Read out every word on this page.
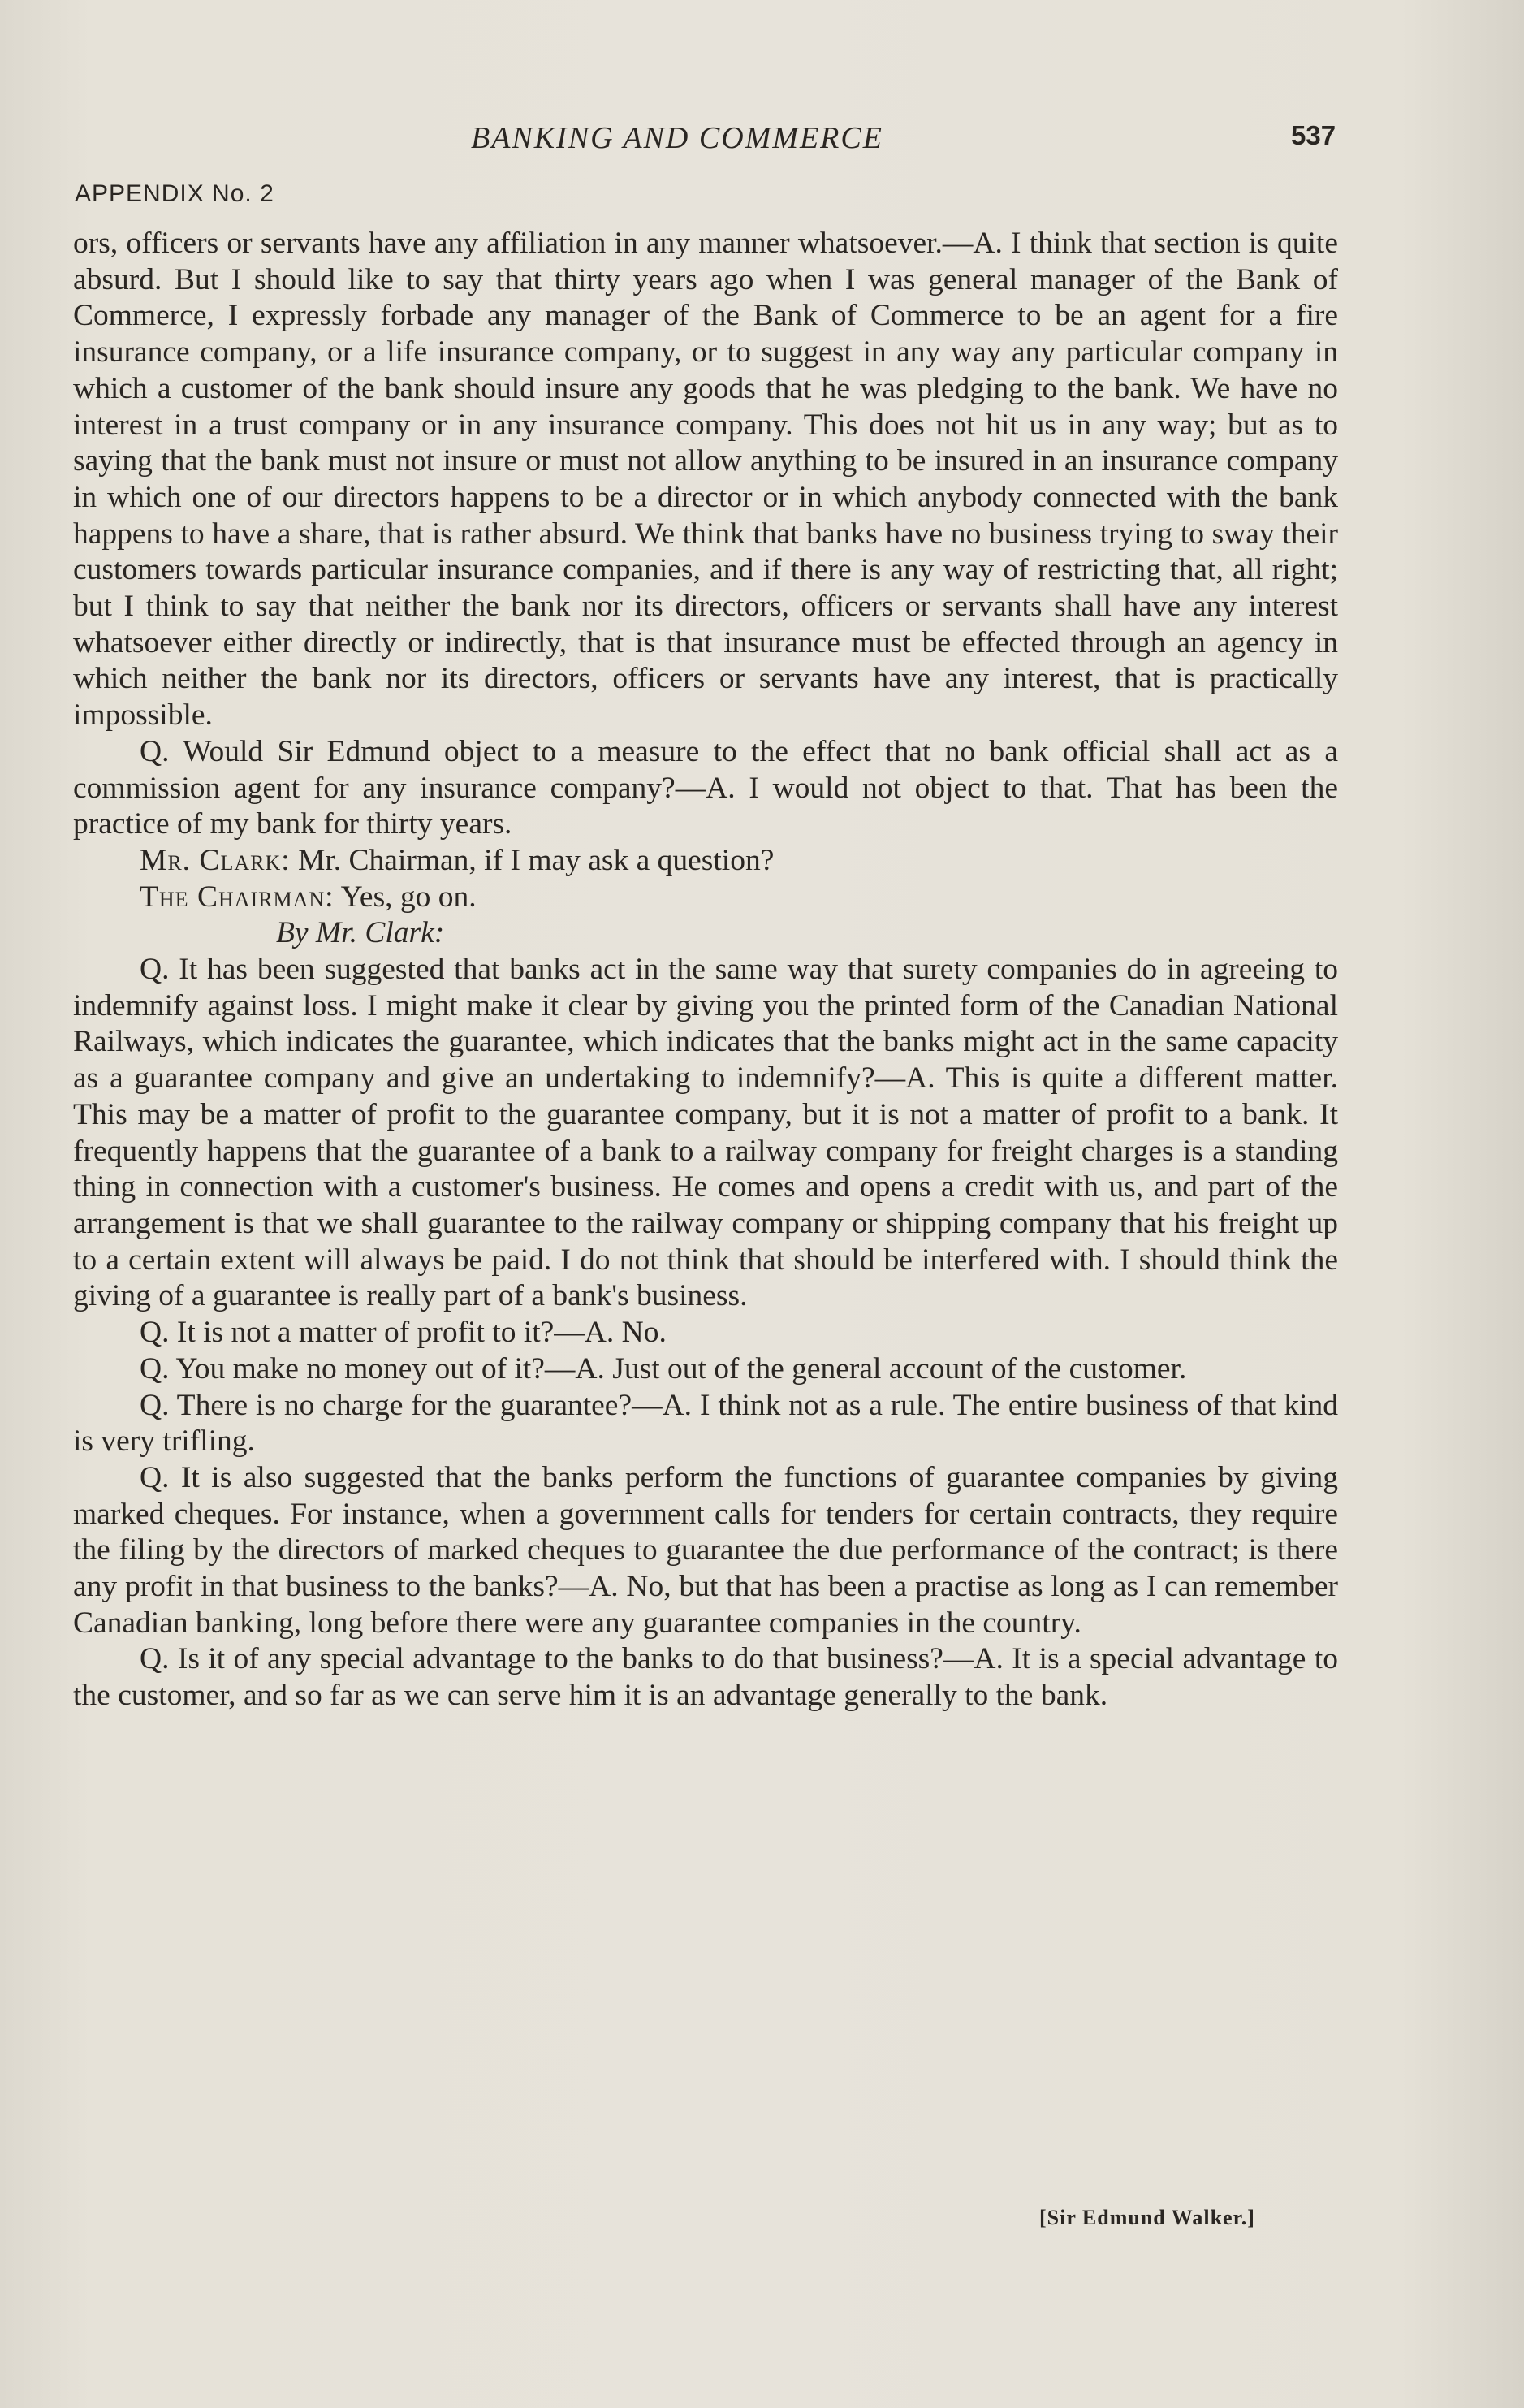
BANKING AND COMMERCE	537
APPENDIX No. 2

ors, officers or servants have any affiliation in any manner whatsoever.—A. I think that section is quite absurd. But I should like to say that thirty years ago when I was general manager of the Bank of Commerce, I expressly forbade any manager of the Bank of Commerce to be an agent for a fire insurance company, or a life insurance company, or to suggest in any way any particular company in which a customer of the bank should insure any goods that he was pledging to the bank. We have no interest in a trust company or in any insurance company. This does not hit us in any way; but as to saying that the bank must not insure or must not allow anything to be insured in an insurance company in which one of our directors happens to be a director or in which anybody connected with the bank happens to have a share, that is rather absurd. We think that banks have no business trying to sway their customers towards particular insurance companies, and if there is any way of restricting that, all right; but I think to say that neither the bank nor its directors, officers or servants shall have any interest whatsoever either directly or indirectly, that is that insurance must be effected through an agency in which neither the bank nor its directors, officers or servants have any interest, that is practically impossible.

Q. Would Sir Edmund object to a measure to the effect that no bank official shall act as a commission agent for any insurance company?—A. I would not object to that. That has been the practice of my bank for thirty years.

Mr. Clark: Mr. Chairman, if I may ask a question?

The Chairman: Yes, go on.

By Mr. Clark:

Q. It has been suggested that banks act in the same way that surety companies do in agreeing to indemnify against loss. I might make it clear by giving you the printed form of the Canadian National Railways, which indicates the guarantee, which indicates that the banks might act in the same capacity as a guarantee company and give an undertaking to indemnify?—A. This is quite a different matter. This may be a matter of profit to the guarantee company, but it is not a matter of profit to a bank. It frequently happens that the guarantee of a bank to a railway company for freight charges is a standing thing in connection with a customer's business. He comes and opens a credit with us, and part of the arrangement is that we shall guarantee to the railway company or shipping company that his freight up to a certain extent will always be paid. I do not think that should be interfered with. I should think the giving of a guarantee is really part of a bank's business.

Q. It is not a matter of profit to it?—A. No.

Q. You make no money out of it?—A. Just out of the general account of the customer.

Q. There is no charge for the guarantee?—A. I think not as a rule. The entire business of that kind is very trifling.

Q. It is also suggested that the banks perform the functions of guarantee companies by giving marked cheques. For instance, when a government calls for tenders for certain contracts, they require the filing by the directors of marked cheques to guarantee the due performance of the contract; is there any profit in that business to the banks?—A. No, but that has been a practise as long as I can remember Canadian banking, long before there were any guarantee companies in the country.

Q. Is it of any special advantage to the banks to do that business?—A. It is a special advantage to the customer, and so far as we can serve him it is an advantage generally to the bank.

[Sir Edmund Walker.]
